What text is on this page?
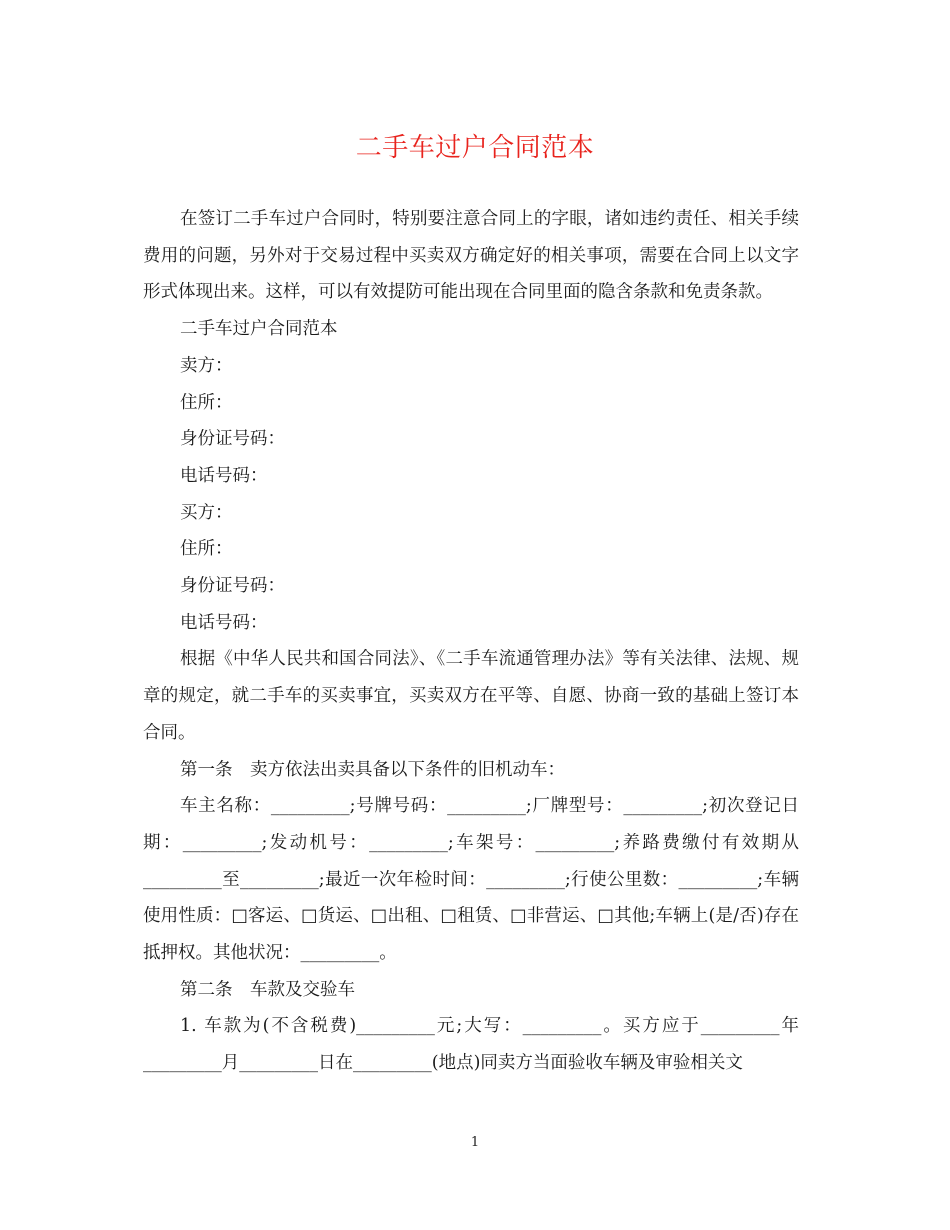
二手车过户合同范本

在签订二手车过户合同时，特别要注意合同上的字眼，诸如违约责任、相关手续费用的问题，另外对于交易过程中买卖双方确定好的相关事项，需要在合同上以文字形式体现出来。这样，可以有效提防可能出现在合同里面的隐含条款和免责条款。

二手车过户合同范本

卖方：

住所：

身份证号码：

电话号码：

买方：

住所：

身份证号码：

电话号码：

根据《中华人民共和国合同法》、《二手车流通管理办法》等有关法律、法规、规章的规定，就二手车的买卖事宜，买卖双方在平等、自愿、协商一致的基础上签订本合同。

第一条　卖方依法出卖具备以下条件的旧机动车：

车主名称：_________;号牌号码：_________;厂牌型号：_________;初次登记日期：_________;发动机号：_________;车架号：_________;养路费缴付有效期从_________至_________;最近一次年检时间：_________;行使公里数：_________;车辆使用性质：□客运、□货运、□出租、□租赁、□非营运、□其他;车辆上(是/否)存在抵押权。其他状况：_________。

第二条　车款及交验车

1. 车款为(不含税费)_________元;大写：_________。买方应于_________年_________月_________日在_________(地点)同卖方当面验收车辆及审验相关文

1
